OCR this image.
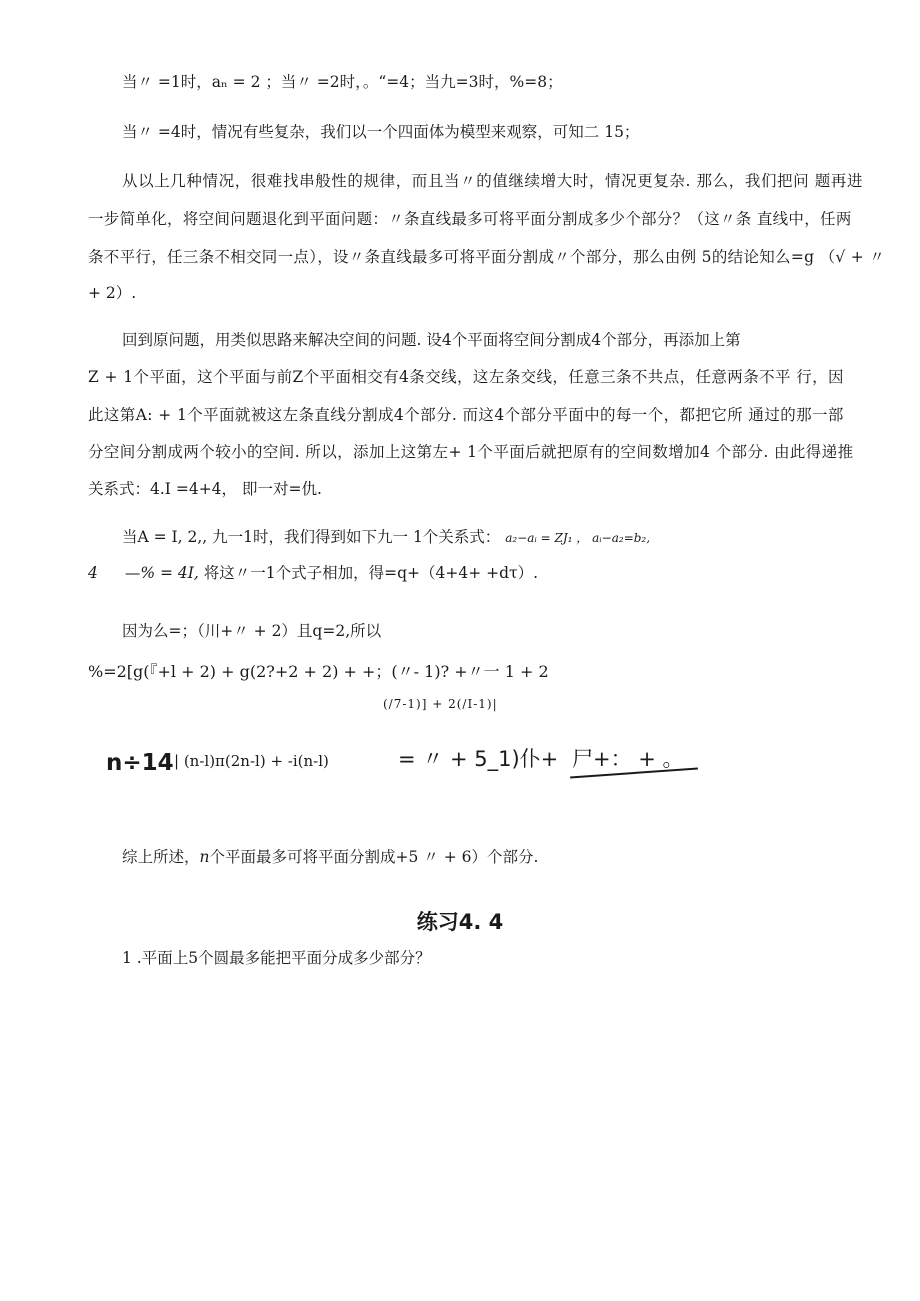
当〃 =1时，aₙ = 2 ；当〃 =2时，。“=4；当九=3时，%=8；
当〃 =4时，情况有些复杂，我们以一个四面体为模型来观察，可知二 15；
从以上几种情况，很难找串般性的规律，而且当〃的值继续增大时，情况更复杂. 那么，我们把问 题再进
一步简单化，将空间问题退化到平面问题：〃条直线最多可将平面分割成多少个部分？（这〃条 直线中，任两
条不平行，任三条不相交同一点），设〃条直线最多可将平面分割成〃个部分，那么由例 5的结论知么=g （√ + 〃
+ 2）.
回到原问题，用类似思路来解决空间的问题. 设4个平面将空间分割成4个部分，再添加上第
Z + 1个平面，这个平面与前Z个平面相交有4条交线，这左条交线，任意三条不共点，任意两条不平 行，因
此这第A: + 1个平面就被这左条直线分割成4个部分. 而这4个部分平面中的每一个，都把它所 通过的那一部
分空间分割成两个较小的空间. 所以，添加上这第左+ 1个平面后就把原有的空间数增加4 个部分. 由此得递推
关系式：4.I =4+4， 即一对=仇.
当A = I, 2,, 九一1时，我们得到如下九一 1个关系式： a₂−aᵢ = ZJ₁ ， aᵢ−a₂=b₂,
4 —% = 4I, 将这〃一1个式子相加，得=q+（4+4+ +dτ）.
因为么=；（川+〃 + 2）且q=2,所以
%=2[g(『+l + 2) + g(2?+2 + 2) + +；(〃- 1)? +〃一 1 + 2
(/7-1)] + 2(/I-1)|
n÷14 | (n-l)π(2n-l) + -i(n-l)	= 〃 + 5_1)仆+ 尸+： + 。
综上所述，n个平面最多可将平面分割成+5 〃 + 6）个部分.
练习4. 4
1 .平面上5个圆最多能把平面分成多少部分？
